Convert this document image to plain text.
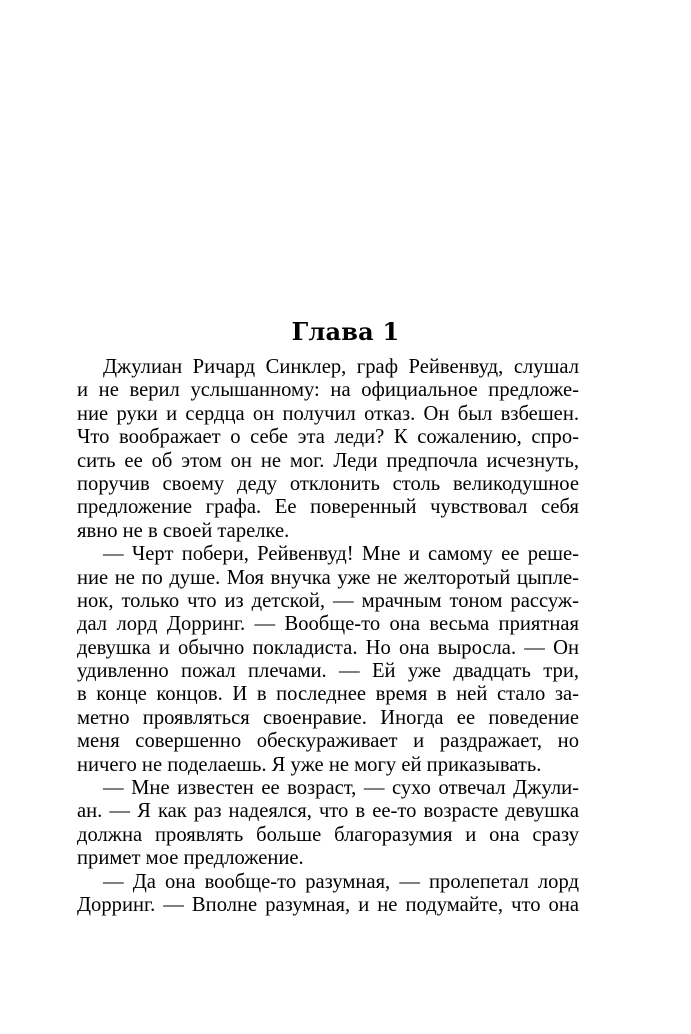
Глава 1

Джулиан Ричард Синклер, граф Рейвенвуд, слушал
и не верил услышанному: на официальное предложе-
ние руки и сердца он получил отказ. Он был взбешен.
Что воображает о себе эта леди? К сожалению, спро-
сить ее об этом он не мог. Леди предпочла исчезнуть,
поручив своему деду отклонить столь великодушное
предложение графа. Ее поверенный чувствовал себя
явно не в своей тарелке.

— Черт побери, Рейвенвуд! Мне и самому ее реше-
ние не по душе. Моя внучка уже не желторотый цыпле-
нок, только что из детской, — мрачным тоном рассуж-
дал лорд Дорринг. — Вообще-то она весьма приятная
девушка и обычно покладиста. Но она выросла. — Он
удивленно пожал плечами. — Ей уже двадцать три,
в конце концов. И в последнее время в ней стало за-
метно проявляться своенравие. Иногда ее поведение
меня совершенно обескураживает и раздражает, но
ничего не поделаешь. Я уже не могу ей приказывать.

— Мне известен ее возраст, — сухо отвечал Джули-
ан. — Я как раз надеялся, что в ее-то возрасте девушка
должна проявлять больше благоразумия и она сразу
примет мое предложение.

— Да она вообще-то разумная, — пролепетал лорд
Дорринг. — Вполне разумная, и не подумайте, что она
